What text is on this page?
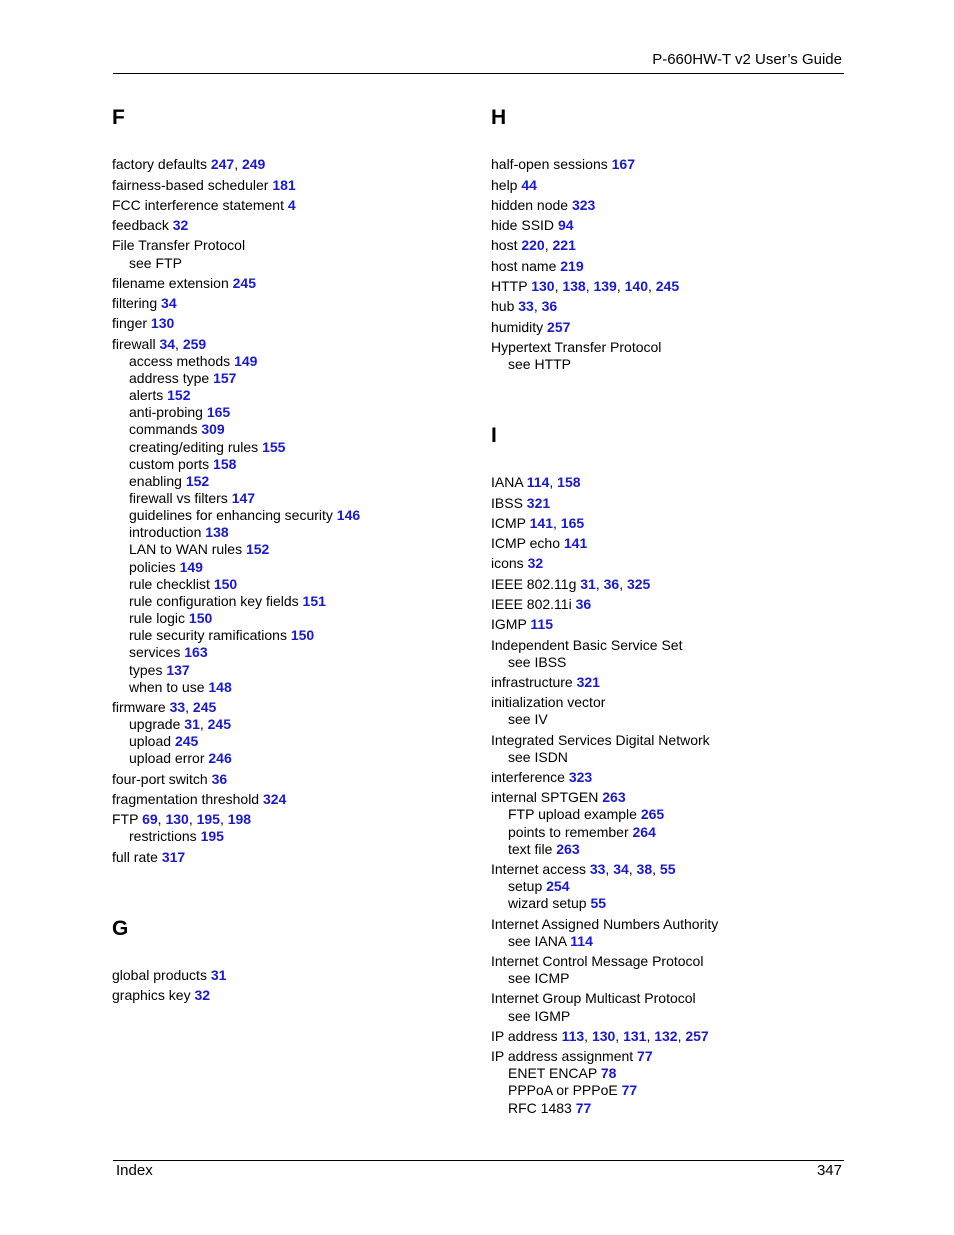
P-660HW-T v2 User’s Guide
F
factory defaults 247, 249
fairness-based scheduler 181
FCC interference statement 4
feedback 32
File Transfer Protocol
see FTP
filename extension 245
filtering 34
finger 130
firewall 34, 259
access methods 149
address type 157
alerts 152
anti-probing 165
commands 309
creating/editing rules 155
custom ports 158
enabling 152
firewall vs filters 147
guidelines for enhancing security 146
introduction 138
LAN to WAN rules 152
policies 149
rule checklist 150
rule configuration key fields 151
rule logic 150
rule security ramifications 150
services 163
types 137
when to use 148
firmware 33, 245
upgrade 31, 245
upload 245
upload error 246
four-port switch 36
fragmentation threshold 324
FTP 69, 130, 195, 198
restrictions 195
full rate 317
G
global products 31
graphics key 32
H
half-open sessions 167
help 44
hidden node 323
hide SSID 94
host 220, 221
host name 219
HTTP 130, 138, 139, 140, 245
hub 33, 36
humidity 257
Hypertext Transfer Protocol
see HTTP
I
IANA 114, 158
IBSS 321
ICMP 141, 165
ICMP echo 141
icons 32
IEEE 802.11g 31, 36, 325
IEEE 802.11i 36
IGMP 115
Independent Basic Service Set
see IBSS
infrastructure 321
initialization vector
see IV
Integrated Services Digital Network
see ISDN
interference 323
internal SPTGEN 263
FTP upload example 265
points to remember 264
text file 263
Internet access 33, 34, 38, 55
setup 254
wizard setup 55
Internet Assigned Numbers Authority
see IANA 114
Internet Control Message Protocol
see ICMP
Internet Group Multicast Protocol
see IGMP
IP address 113, 130, 131, 132, 257
IP address assignment 77
ENET ENCAP 78
PPPoA or PPPoE 77
RFC 1483 77
Index	347
